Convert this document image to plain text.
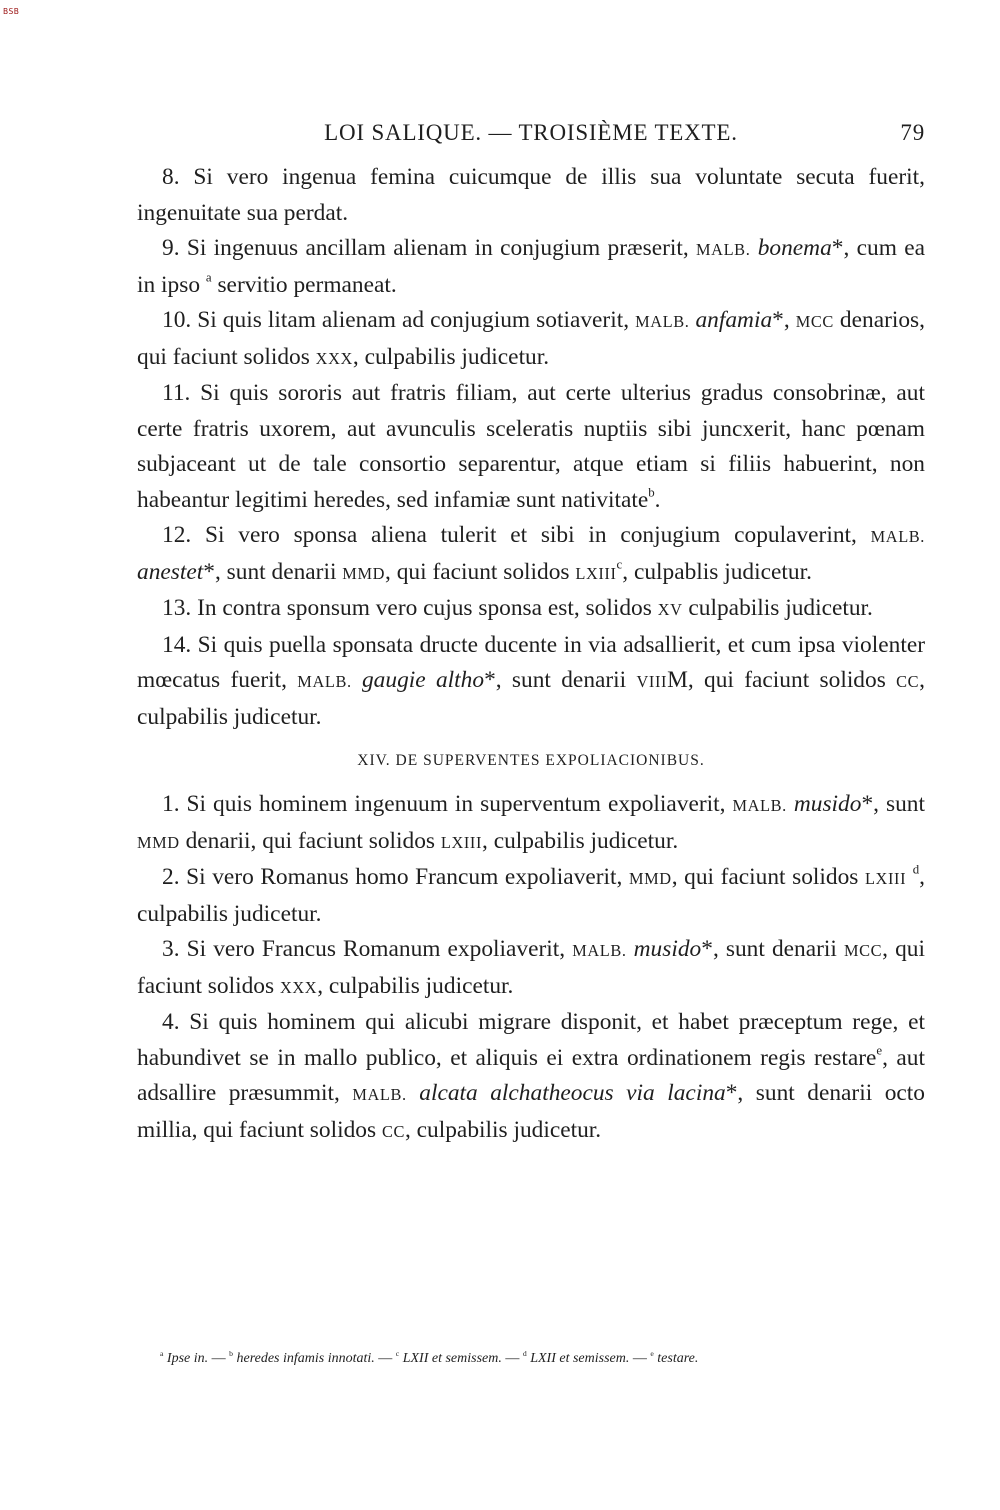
BSB
LOI SALIQUE. — TROISIÈME TEXTE.	79

8. Si vero ingenua femina cuicumque de illis sua voluntate secuta fuerit, ingenuitate sua perdat.

9. Si ingenuus ancillam alienam in conjugium præserit, MALB. bonema*, cum ea in ipso $^a$ servitio permaneat.

10. Si quis litam alienam ad conjugium sotiaverit, MALB. anfamia*, MCC denarios, qui faciunt solidos XXX, culpabilis judicetur.

11. Si quis sororis aut fratris filiam, aut certe ulterius gradus consobrinæ, aut certe fratris uxorem, aut avunculis sceleratis nuptiis sibi juncxerit, hanc pœnam subjaceant ut de tale consortio separentur, atque etiam si filiis habuerint, non habeantur legitimi heredes, sed infamiæ sunt nativitate$^b$.

12. Si vero sponsa aliena tulerit et sibi in conjugium copulaverint, MALB. anestet*, sunt denarii MMD, qui faciunt solidos LXIII$^c$, culpablis judicetur.

13. In contra sponsum vero cujus sponsa est, solidos XV culpabilis judicetur.

14. Si quis puella sponsata dructe ducente in via adsallierit, et cum ipsa violenter mœcatus fuerit, MALB. gaugie altho*, sunt denarii VIIIM, qui faciunt solidos CC, culpabilis judicetur.

XIV. DE SUPERVENTES EXPOLIACIONIBUS.

1. Si quis hominem ingenuum in superventum expoliaverit, MALB. musido*, sunt MMD denarii, qui faciunt solidos LXIII, culpabilis judicetur.

2. Si vero Romanus homo Francum expoliaverit, MMD, qui faciunt solidos LXIII $^d$, culpabilis judicetur.

3. Si vero Francus Romanum expoliaverit, MALB. musido*, sunt denarii MCC, qui faciunt solidos XXX, culpabilis judicetur.

4. Si quis hominem qui alicubi migrare disponit, et habet præceptum rege, et habundivet se in mallo publico, et aliquis ei extra ordinationem regis restare$^e$, aut adsallire præsummit, MALB. alcata alchatheocus via lacina*, sunt denarii octo millia, qui faciunt solidos CC, culpabilis judicetur.

$^a$ Ipse in. — $^b$ heredes infamis innotati. — $^c$ LXII et semissem. — $^d$ LXII et semissem. — $^e$ testare.
